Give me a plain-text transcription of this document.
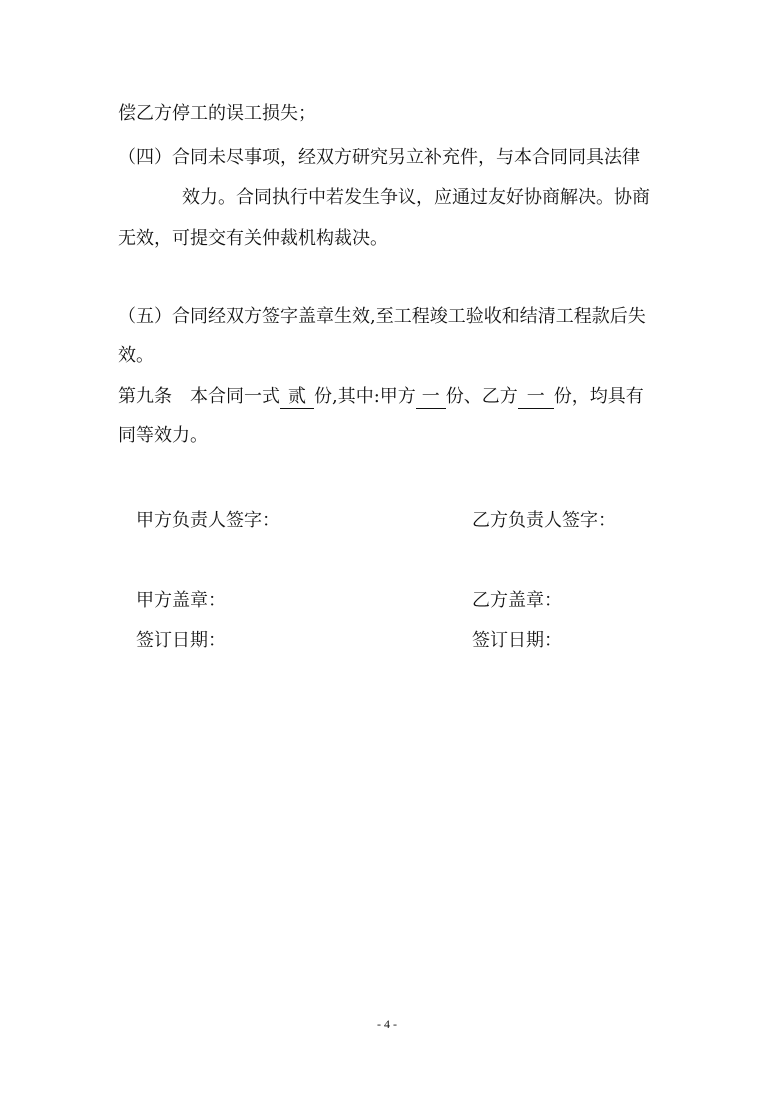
偿乙方停工的误工损失；
（四）合同未尽事项，经双方研究另立补充件，与本合同同具法律
效力。合同执行中若发生争议，应通过友好协商解决。协商
无效，可提交有关仲裁机构裁决。
（五）合同经双方签字盖章生效,至工程竣工验收和结清工程款后失
效。
第九条　本合同一式 贰 份,其中:甲方 一 份、乙方 一 份，均具有
同等效力。
甲方负责人签字：	乙方负责人签字：
甲方盖章：	乙方盖章：
签订日期：	签订日期：
- 4 -
